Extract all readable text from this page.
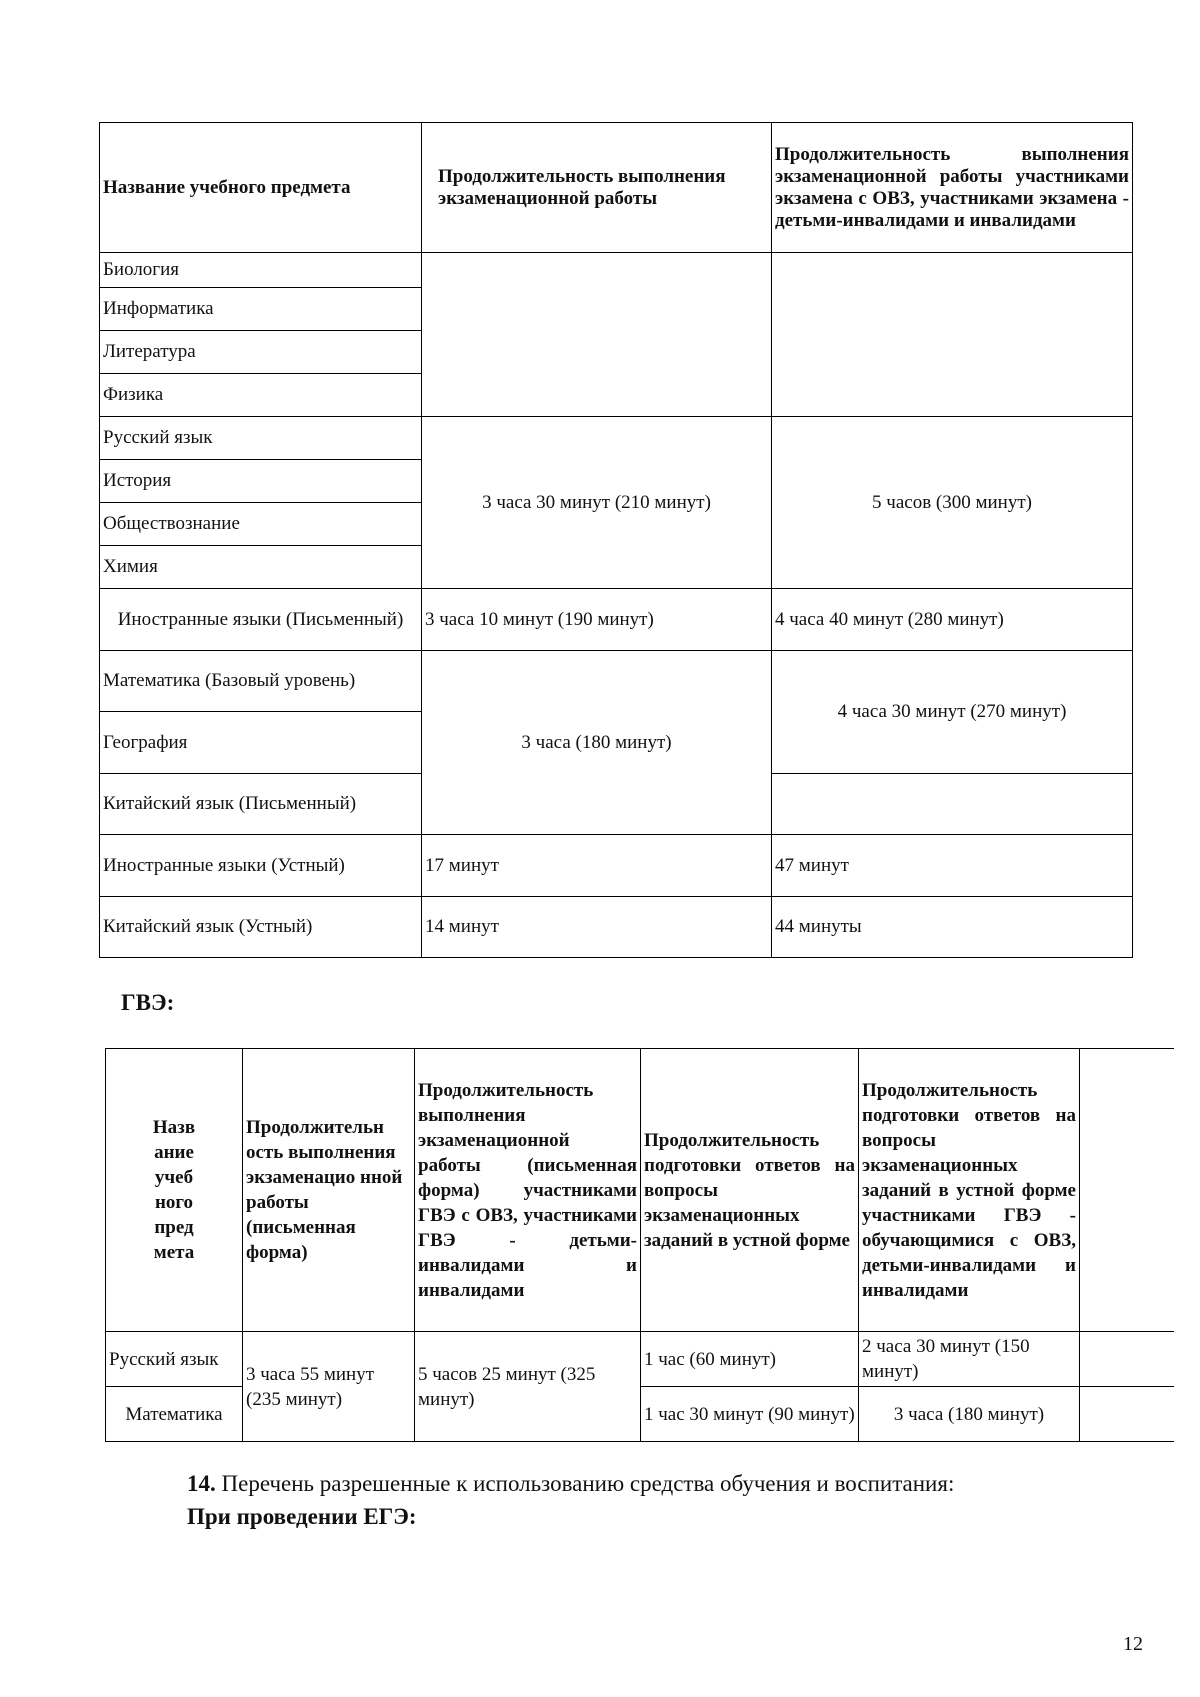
Название учебного предмета	Продолжительность выполнения экзаменационной работы	Продолжительность выполнения экзаменационной работы участниками экзамена с ОВЗ, участниками экзамена - детьми-инвалидами и инвалидами
Биология		
Информатика		
Литература		
Физика		
Русский язык	3 часа 30 минут (210 минут)	5 часов (300 минут)
История		
Обществознание		
Химия		
Иностранные языки (Письменный)	3 часа 10 минут (190 минут)	4 часа 40 минут (280 минут)
Математика (Базовый уровень)	3 часа (180 минут)	4 часа 30 минут (270 минут)
География		
Китайский язык (Письменный)		
Иностранные языки (Устный)	17 минут	47 минут
Китайский язык (Устный)	14 минут	44 минуты
ГВЭ:
Назв ание учеб ного пред мета	Продолжительн ость выполнения экзаменацио нной работы (письменная форма)	Продолжительность выполнения экзаменационной работы (письменная форма) участниками ГВЭ с ОВЗ, участниками ГВЭ - детьми-инвалидами и инвалидами	Продолжительность подготовки ответов на вопросы экзаменационных заданий в устной форме	Продолжительность подготовки ответов на вопросы экзаменационных заданий в устной форме участниками ГВЭ - обучающимися с ОВЗ, детьми-инвалидами и инвалидами	
Русский язык	3 часа 55 минут (235 минут)	5 часов 25 минут (325 минут)	1 час (60 минут)	2 часа 30 минут (150 минут)	
Математика			1 час 30 минут (90 минут)	3 часа (180 минут)	
14. Перечень разрешенные к использованию средства обучения и воспитания:
При проведении ЕГЭ:
12
